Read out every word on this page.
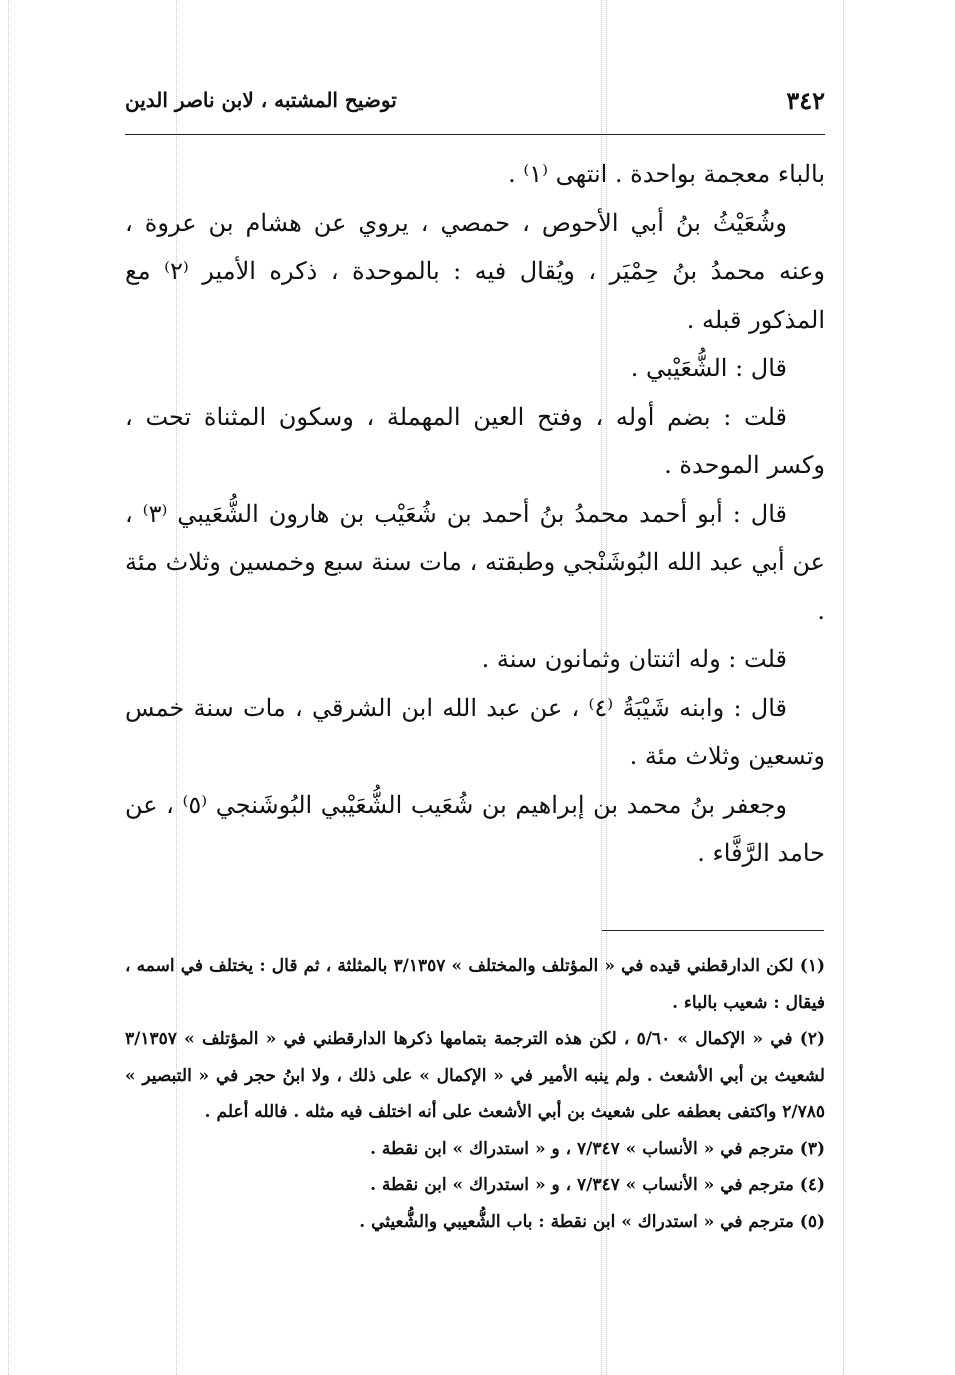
٣٤٢
توضيح المشتبه ، لابن ناصر الدين

بالباء معجمة بواحدة . انتهى ⁽١⁾ .

وشُعَيْثُ بنُ أبي الأحوص ، حمصي ، يروي عن هشام بن عروة ، وعنه محمدُ بنُ حِمْيَر ، ويُقال فيه : بالموحدة ، ذكره الأمير ⁽٢⁾ مع المذكور قبله .

قال : الشُّعَيْبي .

قلت : بضم أوله ، وفتح العين المهملة ، وسكون المثناة تحت ، وكسر الموحدة .

قال : أبو أحمد محمدُ بنُ أحمد بن شُعَيْب بن هارون الشُّعَيبي ⁽٣⁾ ، عن أبي عبد الله البُوشَنْجي وطبقته ، مات سنة سبع وخمسين وثلاث مئة .

قلت : وله اثنتان وثمانون سنة .

قال : وابنه شَيْبَةُ ⁽٤⁾ ، عن عبد الله ابن الشرقي ، مات سنة خمس وتسعين وثلاث مئة .

وجعفر بنُ محمد بن إبراهيم بن شُعَيب الشُّعَيْبي البُوشَنجي ⁽٥⁾ ، عن حامد الرَّفَّاء .

(١) لكن الدارقطني قيده في « المؤتلف والمختلف » ٣/١٣٥٧ بالمثلثة ، ثم قال : يختلف في اسمه ، فيقال : شعيب بالباء .

(٢) في « الإكمال » ٥/٦٠ ، لكن هذه الترجمة بتمامها ذكرها الدارقطني في « المؤتلف » ٣/١٣٥٧ لشعيث بن أبي الأشعث . ولم ينبه الأمير في « الإكمال » على ذلك ، ولا ابنُ حجر في « التبصير » ٢/٧٨٥ واكتفى بعطفه على شعيث بن أبي الأشعث على أنه اختلف فيه مثله . فالله أعلم .

(٣) مترجم في « الأنساب » ٧/٣٤٧ ، و « استدراك » ابن نقطة .

(٤) مترجم في « الأنساب » ٧/٣٤٧ ، و « استدراك » ابن نقطة .

(٥) مترجم في « استدراك » ابن نقطة : باب الشُّعيبي والشُّعيثي .
